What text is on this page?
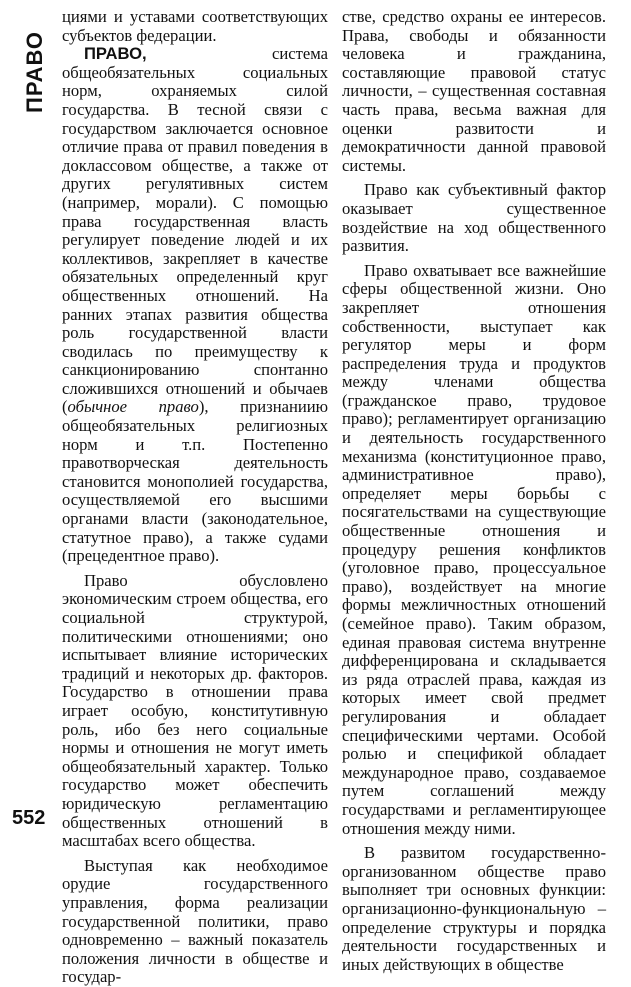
ПРАВО
552

циями и уставами соответствующих субъектов федерации.

ПРАВО, система общеобязательных социальных норм, охраняемых силой государства. В тесной связи с государством заключается основное отличие права от правил поведения в доклассовом обществе, а также от других регулятивных систем (например, морали). С помощью права государственная власть регулирует поведение людей и их коллективов, закрепляет в качестве обязательных определенный круг общественных отношений. На ранних этапах развития общества роль государственной власти сводилась по преимуществу к санкционированию спонтанно сложившихся отношений и обычаев (обычное право), признаниию общеобязательных религиозных норм и т.п. Постепенно правотворческая деятельность становится монополией государства, осуществляемой его высшими органами власти (законодательное, статутное право), а также судами (прецедентное право).

Право обусловлено экономическим строем общества, его социальной структурой, политическими отношениями; оно испытывает влияние исторических традиций и некоторых др. факторов. Государство в отношении права играет особую, конститутивную роль, ибо без него социальные нормы и отношения не могут иметь общеобязательный характер. Только государство может обеспечить юридическую регламентацию общественных отношений в масштабах всего общества.

Выступая как необходимое орудие государственного управления, форма реализации государственной политики, право одновременно – важный показатель положения личности в обществе и государ-

стве, средство охраны ее интересов. Права, свободы и обязанности человека и гражданина, составляющие правовой статус личности, – существенная составная часть права, весьма важная для оценки развитости и демократичности данной правовой системы.

Право как субъективный фактор оказывает существенное воздействие на ход общественного развития.

Право охватывает все важнейшие сферы общественной жизни. Оно закрепляет отношения собственности, выступает как регулятор меры и форм распределения труда и продуктов между членами общества (гражданское право, трудовое право); регламентирует организацию и деятельность государственного механизма (конституционное право, административное право), определяет меры борьбы с посягательствами на существующие общественные отношения и процедуру решения конфликтов (уголовное право, процессуальное право), воздействует на многие формы межличностных отношений (семейное право). Таким образом, единая правовая система внутренне дифференцирована и складывается из ряда отраслей права, каждая из которых имеет свой предмет регулирования и обладает специфическими чертами. Особой ролью и спецификой обладает международное право, создаваемое путем соглашений между государствами и регламентирующее отношения между ними.

В развитом государственно-организованном обществе право выполняет три основных функции: организационно-функциональную – определение структуры и порядка деятельности государственных и иных действующих в обществе
